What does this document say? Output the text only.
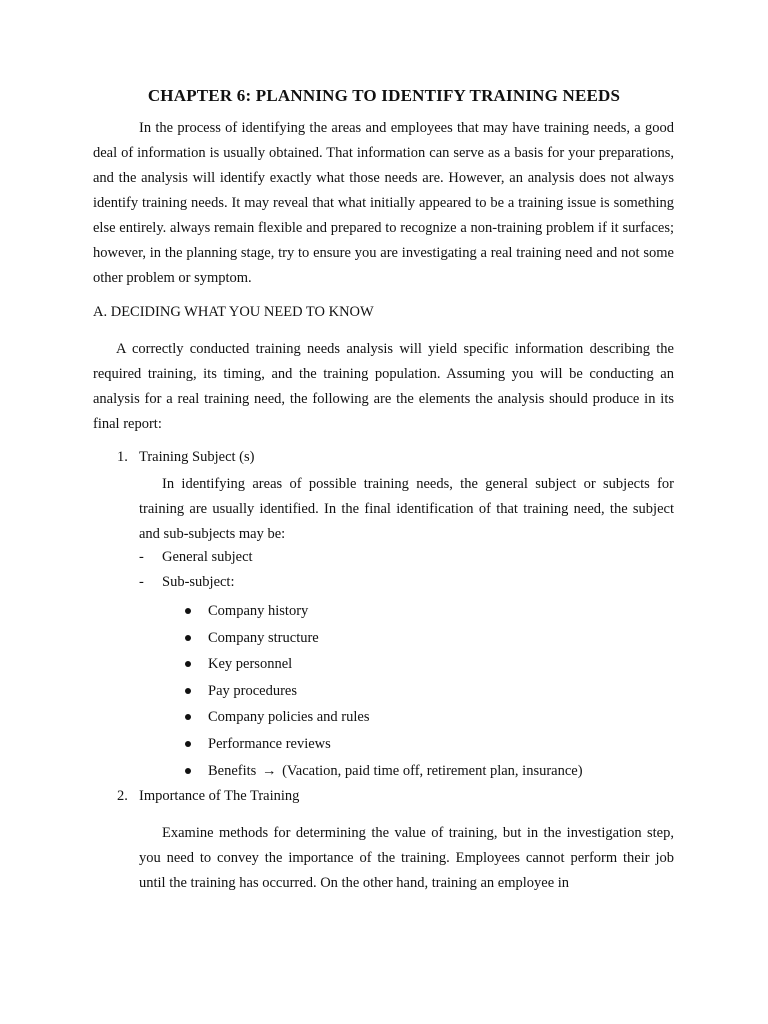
CHAPTER 6: PLANNING TO IDENTIFY TRAINING NEEDS

In the process of identifying the areas and employees that may have training needs, a good deal of information is usually obtained. That information can serve as a basis for your preparations, and the analysis will identify exactly what those needs are. However, an analysis does not always identify training needs. It may reveal that what initially appeared to be a training issue is something else entirely. always remain flexible and prepared to recognize a non-training problem if it surfaces; however, in the planning stage, try to ensure you are investigating a real training need and not some other problem or symptom.

A. DECIDING WHAT YOU NEED TO KNOW

A correctly conducted training needs analysis will yield specific information describing the required training, its timing, and the training population. Assuming you will be conducting an analysis for a real training need, the following are the elements the analysis should produce in its final report:

1. Training Subject (s)

In identifying areas of possible training needs, the general subject or subjects for training are usually identified. In the final identification of that training need, the subject and sub-subjects may be:

- General subject
- Sub-subject:
Company history
Company structure
Key personnel
Pay procedures
Company policies and rules
Performance reviews
Benefits → (Vacation, paid time off, retirement plan, insurance)
2. Importance of The Training

Examine methods for determining the value of training, but in the investigation step, you need to convey the importance of the training. Employees cannot perform their job until the training has occurred. On the other hand, training an employee in
